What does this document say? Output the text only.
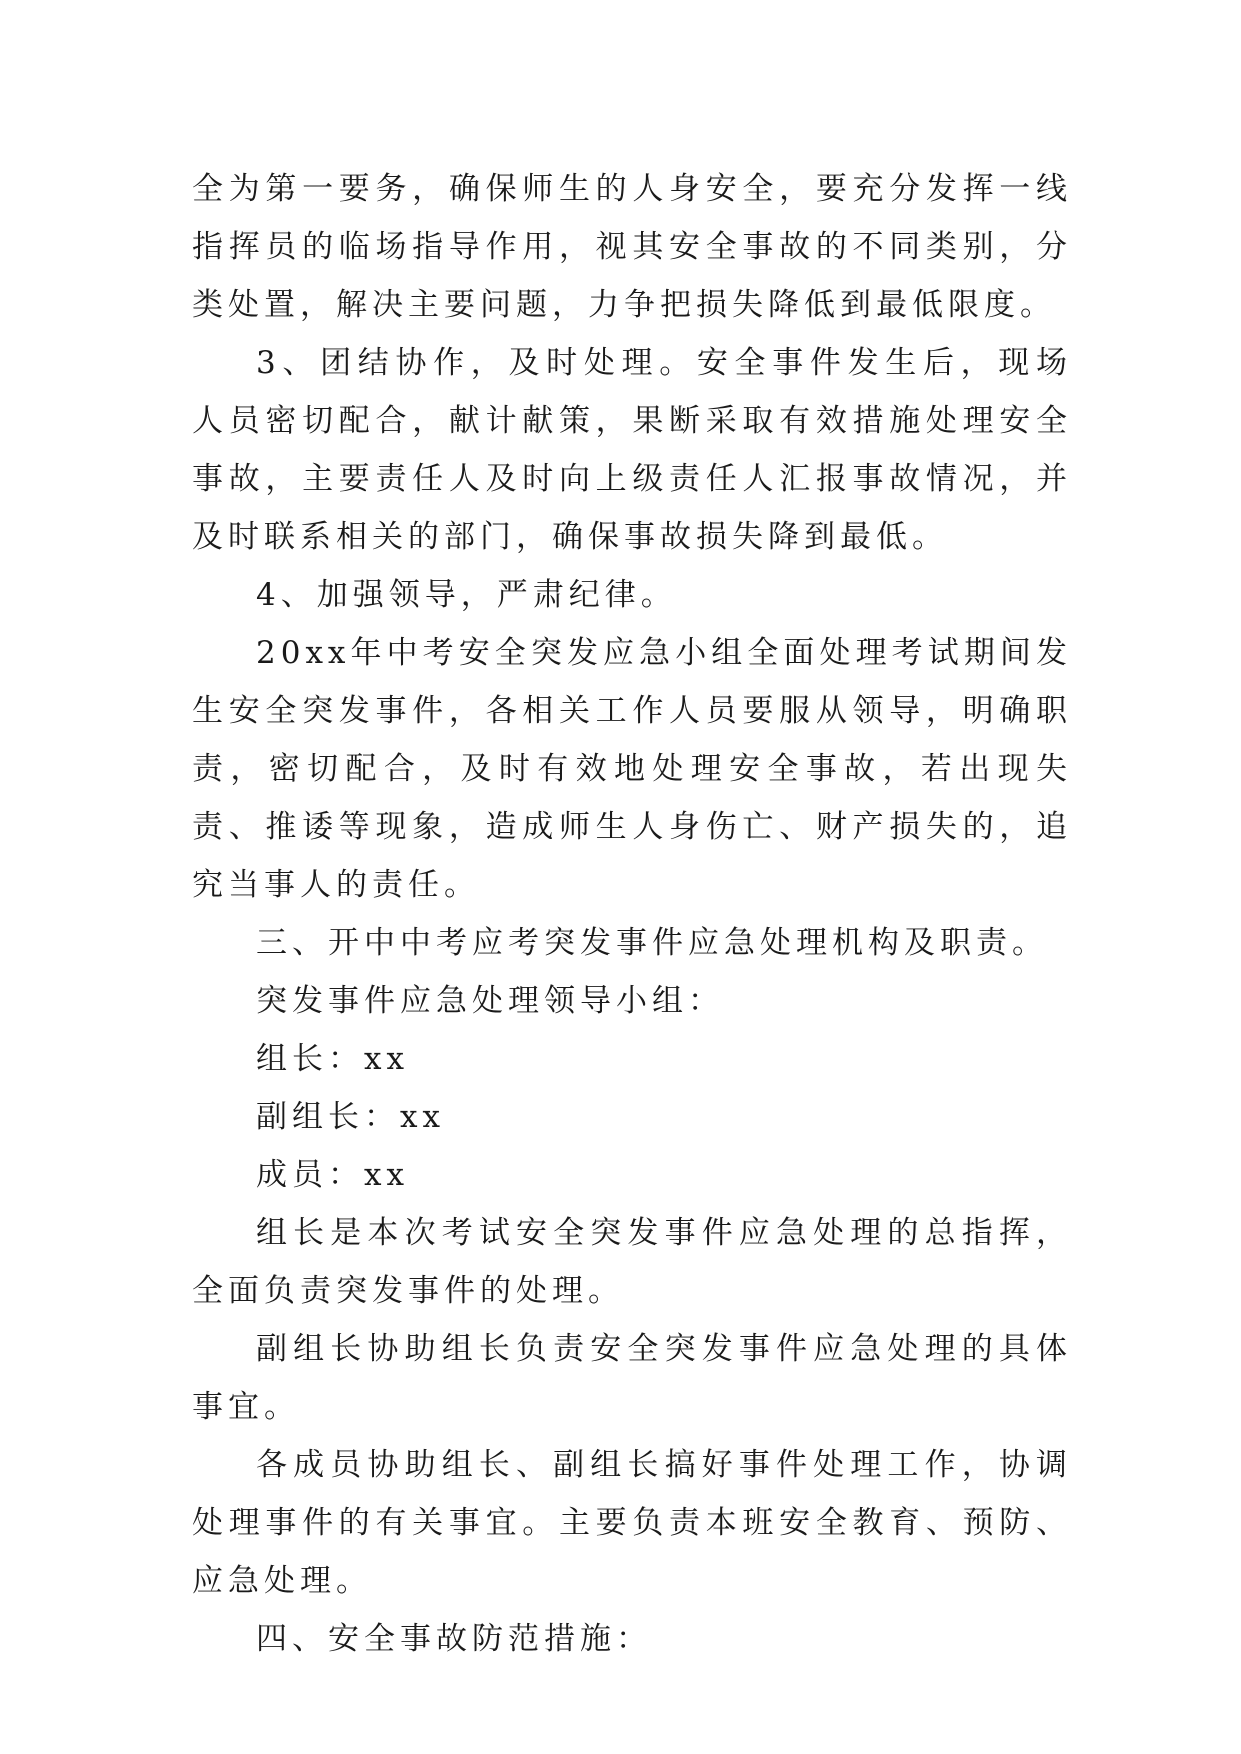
全为第一要务，确保师生的人身安全，要充分发挥一线指挥员的临场指导作用，视其安全事故的不同类别，分类处置，解决主要问题，力争把损失降低到最低限度。

3、团结协作，及时处理。安全事件发生后，现场人员密切配合，献计献策，果断采取有效措施处理安全事故，主要责任人及时向上级责任人汇报事故情况，并及时联系相关的部门，确保事故损失降到最低。

4、加强领导，严肃纪律。

20xx年中考安全突发应急小组全面处理考试期间发生安全突发事件，各相关工作人员要服从领导，明确职责，密切配合，及时有效地处理安全事故，若出现失责、推诿等现象，造成师生人身伤亡、财产损失的，追究当事人的责任。

三、开中中考应考突发事件应急处理机构及职责。

突发事件应急处理领导小组：

组长：xx

副组长：xx

成员：xx

组长是本次考试安全突发事件应急处理的总指挥，全面负责突发事件的处理。

副组长协助组长负责安全突发事件应急处理的具体事宜。

各成员协助组长、副组长搞好事件处理工作，协调处理事件的有关事宜。主要负责本班安全教育、预防、应急处理。

四、安全事故防范措施：
